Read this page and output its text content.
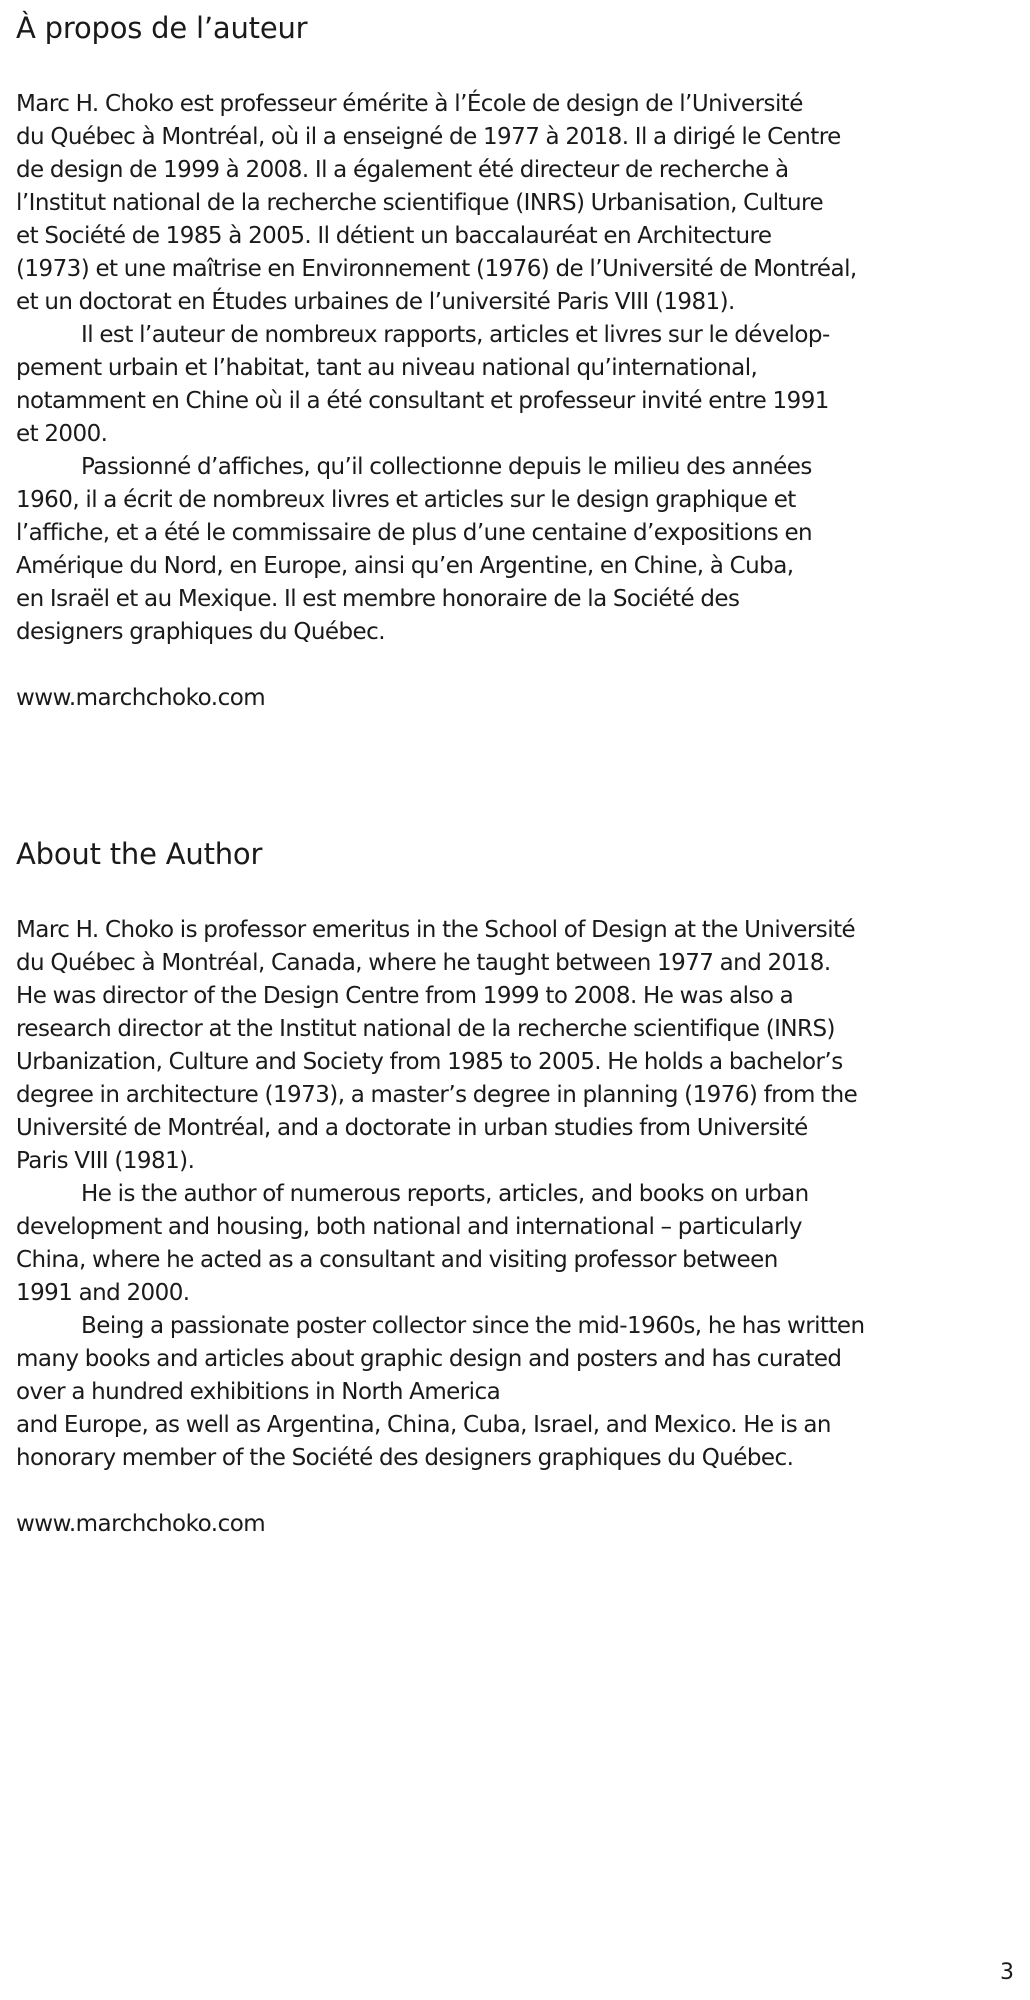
À propos de l’auteur
Marc H. Choko est professeur émérite à l’École de design de l’Université
du Québec à Montréal, où il a enseigné de 1977 à 2018. Il a dirigé le Centre
de design de 1999 à 2008. Il a également été directeur de recherche à
l’Institut national de la recherche scientifique (INRS) Urbanisation, Culture
et Société de 1985 à 2005. Il détient un baccalauréat en Architecture
(1973) et une maîtrise en Environnement (1976) de l’Université de Montréal,
et un doctorat en Études urbaines de l’université Paris VIII (1981).
Il est l’auteur de nombreux rapports, articles et livres sur le dévelop-
pement urbain et l’habitat, tant au niveau national qu’international,
notamment en Chine où il a été consultant et professeur invité entre 1991
et 2000.
Passionné d’affiches, qu’il collectionne depuis le milieu des années
1960, il a écrit de nombreux livres et articles sur le design graphique et
l’affiche, et a été le commissaire de plus d’une centaine d’expositions en
Amérique du Nord, en Europe, ainsi qu’en Argentine, en Chine, à Cuba,
en Israël et au Mexique. Il est membre honoraire de la Société des
designers graphiques du Québec.
www.marchchoko.com
About the Author
Marc H. Choko is professor emeritus in the School of Design at the Université
du Québec à Montréal, Canada, where he taught between 1977 and 2018.
He was director of the Design Centre from 1999 to 2008. He was also a
research director at the Institut national de la recherche scientifique (INRS)
Urbanization, Culture and Society from 1985 to 2005. He holds a bachelor’s
degree in architecture (1973), a master’s degree in planning (1976) from the
Université de Montréal, and a doctorate in urban studies from Université
Paris VIII (1981).
He is the author of numerous reports, articles, and books on urban
development and housing, both national and international – particularly
China, where he acted as a consultant and visiting professor between
1991 and 2000.
Being a passionate poster collector since the mid-1960s, he has written
many books and articles about graphic design and posters and has curated
over a hundred exhibitions in North America
and Europe, as well as Argentina, China, Cuba, Israel, and Mexico. He is an
honorary member of the Société des designers graphiques du Québec.
www.marchchoko.com
3
